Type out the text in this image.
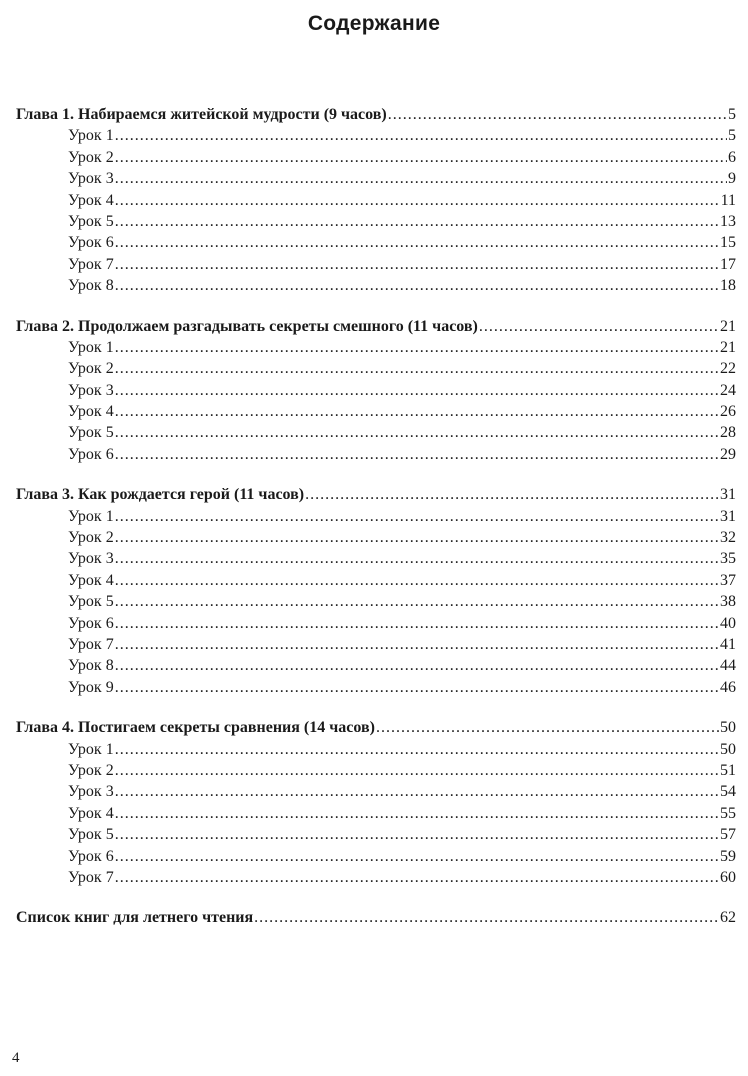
Содержание
Глава 1. Набираемся житейской мудрости (9 часов) .....	5
Урок 1 .....	5
Урок 2 .....	6
Урок 3 .....	9
Урок 4 .....	11
Урок 5 .....	13
Урок 6 .....	15
Урок 7 .....	17
Урок 8 .....	18
Глава 2. Продолжаем разгадывать секреты смешного (11 часов) .....	21
Урок 1 .....	21
Урок 2 .....	22
Урок 3 .....	24
Урок 4 .....	26
Урок 5 .....	28
Урок 6 .....	29
Глава 3. Как рождается герой (11 часов) .....	31
Урок 1 .....	31
Урок 2 .....	32
Урок 3 .....	35
Урок 4 .....	37
Урок 5 .....	38
Урок 6 .....	40
Урок 7 .....	41
Урок 8 .....	44
Урок 9 .....	46
Глава 4. Постигаем секреты сравнения (14 часов) .....	50
Урок 1 .....	50
Урок 2 .....	51
Урок 3 .....	54
Урок 4 .....	55
Урок 5 .....	57
Урок 6 .....	59
Урок 7 .....	60
Список книг для летнего чтения .....	62
4
